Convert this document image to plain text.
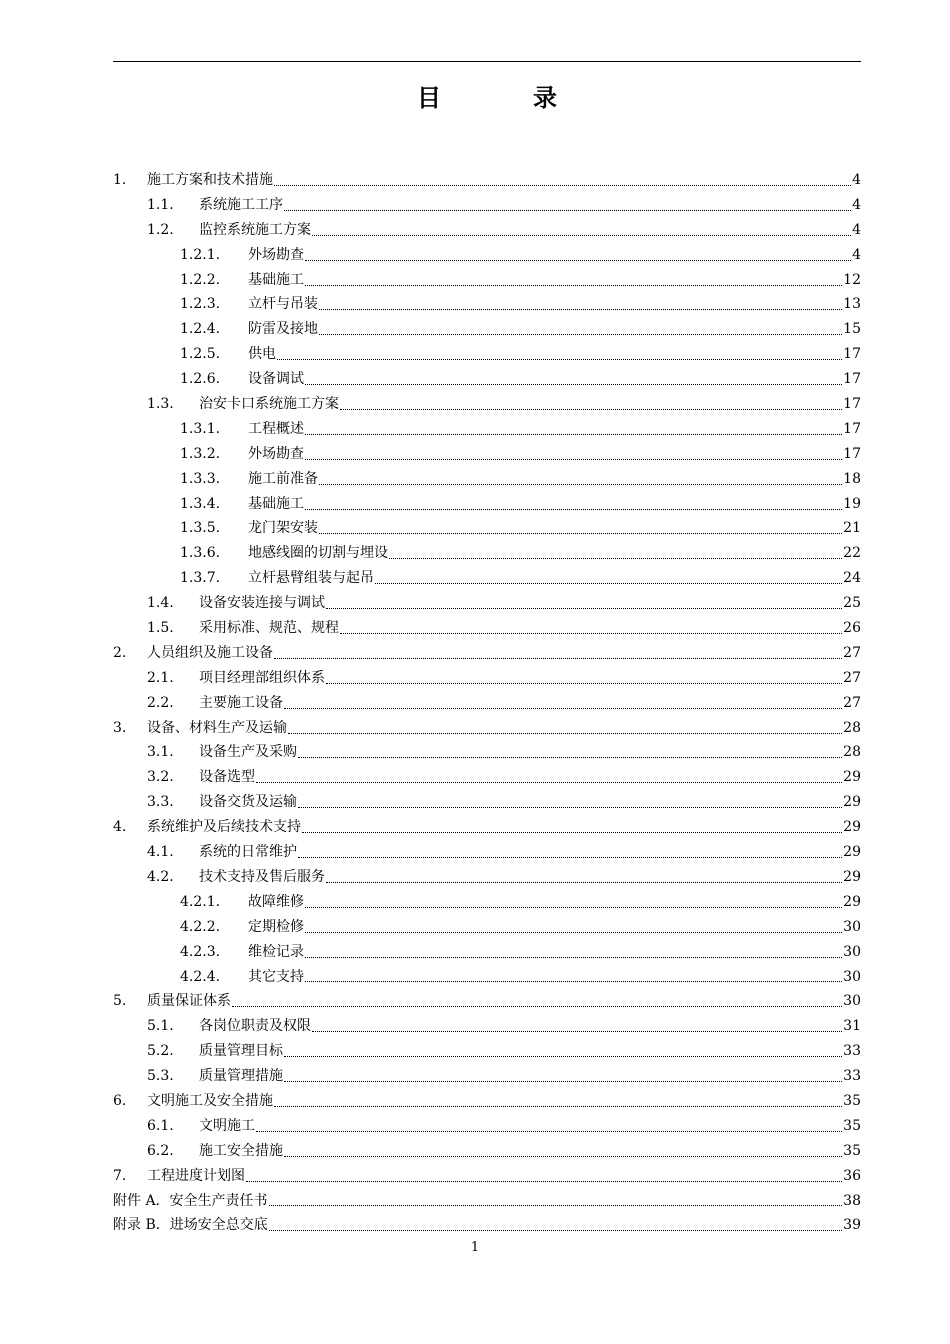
目　录
1.	施工方案和技术措施	4
1.1.	系统施工工序	4
1.2.	监控系统施工方案	4
1.2.1.	外场勘查	4
1.2.2.	基础施工	12
1.2.3.	立杆与吊装	13
1.2.4.	防雷及接地	15
1.2.5.	供电	17
1.2.6.	设备调试	17
1.3.	治安卡口系统施工方案	17
1.3.1.	工程概述	17
1.3.2.	外场勘查	17
1.3.3.	施工前准备	18
1.3.4.	基础施工	19
1.3.5.	龙门架安装	21
1.3.6.	地感线圈的切割与埋设	22
1.3.7.	立杆悬臂组装与起吊	24
1.4.	设备安装连接与调试	25
1.5.	采用标准、规范、规程	26
2.	人员组织及施工设备	27
2.1.	项目经理部组织体系	27
2.2.	主要施工设备	27
3.	设备、材料生产及运输	28
3.1.	设备生产及采购	28
3.2.	设备选型	29
3.3.	设备交货及运输	29
4.	系统维护及后续技术支持	29
4.1.	系统的日常维护	29
4.2.	技术支持及售后服务	29
4.2.1.	故障维修	29
4.2.2.	定期检修	30
4.2.3.	维检记录	30
4.2.4.	其它支持	30
5.	质量保证体系	30
5.1.	各岗位职责及权限	31
5.2.	质量管理目标	33
5.3.	质量管理措施	33
6.	文明施工及安全措施	35
6.1.	文明施工	35
6.2.	施工安全措施	35
7.	工程进度计划图	36
附件 A．安全生产责任书	38
附录 B．进场安全总交底	39
1
